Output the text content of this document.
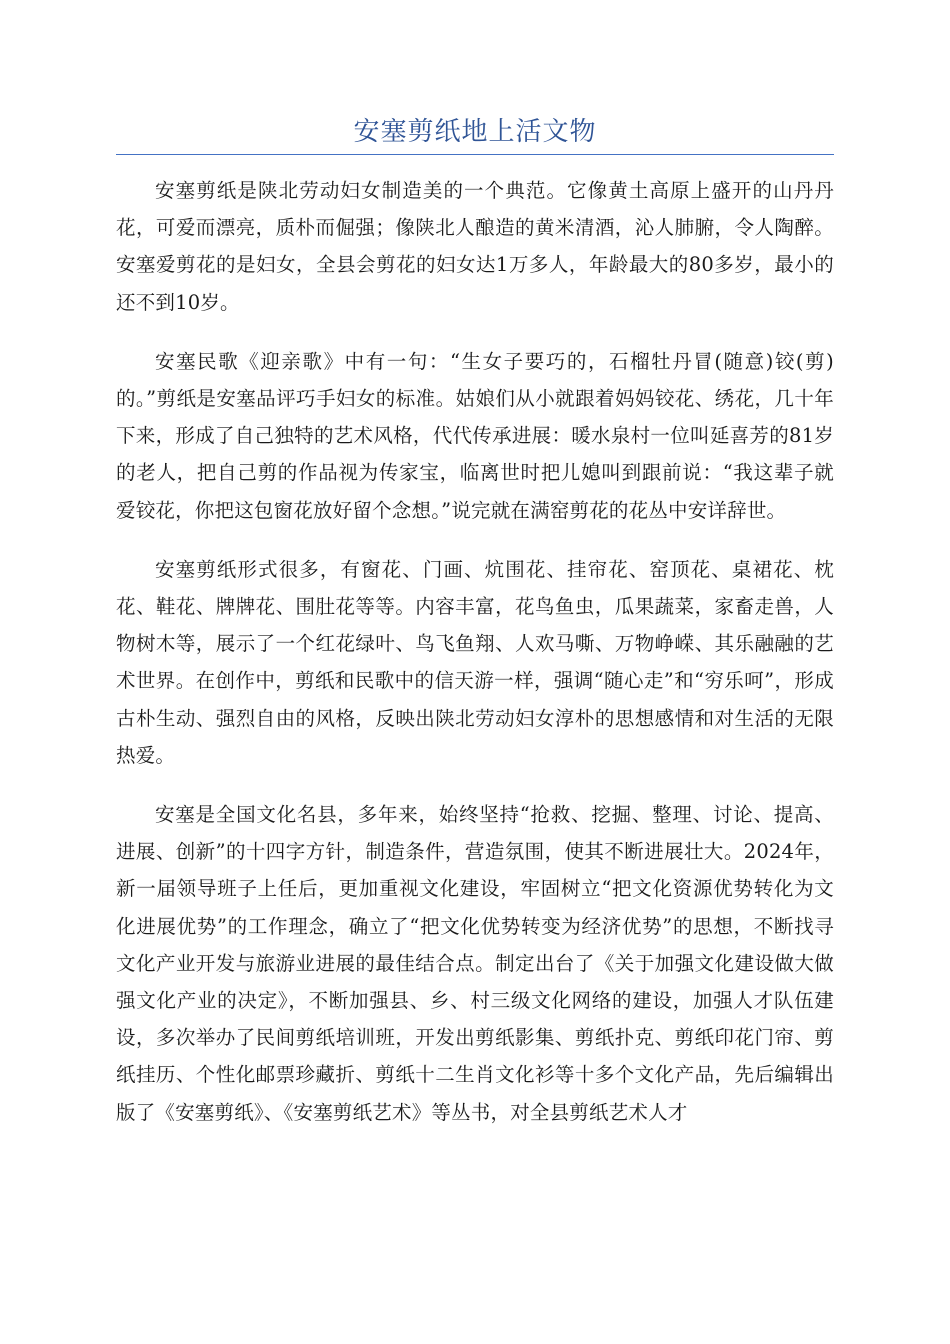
安塞剪纸地上活文物

安塞剪纸是陕北劳动妇女制造美的一个典范。它像黄土高原上盛开的山丹丹花，可爱而漂亮，质朴而倔强；像陕北人酿造的黄米清酒，沁人肺腑，令人陶醉。安塞爱剪花的是妇女，全县会剪花的妇女达1万多人，年龄最大的80多岁，最小的还不到10岁。

安塞民歌《迎亲歌》中有一句：“生女子要巧的，石榴牡丹冒(随意)铰(剪)的。”剪纸是安塞品评巧手妇女的标准。姑娘们从小就跟着妈妈铰花、绣花，几十年下来，形成了自己独特的艺术风格，代代传承进展：暖水泉村一位叫延喜芳的81岁的老人，把自己剪的作品视为传家宝，临离世时把儿媳叫到跟前说：“我这辈子就爱铰花，你把这包窗花放好留个念想。”说完就在满窑剪花的花丛中安详辞世。

安塞剪纸形式很多，有窗花、门画、炕围花、挂帘花、窑顶花、桌裙花、枕花、鞋花、牌牌花、围肚花等等。内容丰富，花鸟鱼虫，瓜果蔬菜，家畜走兽，人物树木等，展示了一个红花绿叶、鸟飞鱼翔、人欢马嘶、万物峥嵘、其乐融融的艺术世界。在创作中，剪纸和民歌中的信天游一样，强调“随心走”和“穷乐呵”，形成古朴生动、强烈自由的风格，反映出陕北劳动妇女淳朴的思想感情和对生活的无限热爱。

安塞是全国文化名县，多年来，始终坚持“抢救、挖掘、整理、讨论、提高、进展、创新”的十四字方针，制造条件，营造氛围，使其不断进展壮大。2024年，新一届领导班子上任后，更加重视文化建设，牢固树立“把文化资源优势转化为文化进展优势”的工作理念，确立了“把文化优势转变为经济优势”的思想，不断找寻文化产业开发与旅游业进展的最佳结合点。制定出台了《关于加强文化建设做大做强文化产业的决定》，不断加强县、乡、村三级文化网络的建设，加强人才队伍建设，多次举办了民间剪纸培训班，开发出剪纸影集、剪纸扑克、剪纸印花门帘、剪纸挂历、个性化邮票珍藏折、剪纸十二生肖文化衫等十多个文化产品，先后编辑出版了《安塞剪纸》、《安塞剪纸艺术》等丛书，对全县剪纸艺术人才
